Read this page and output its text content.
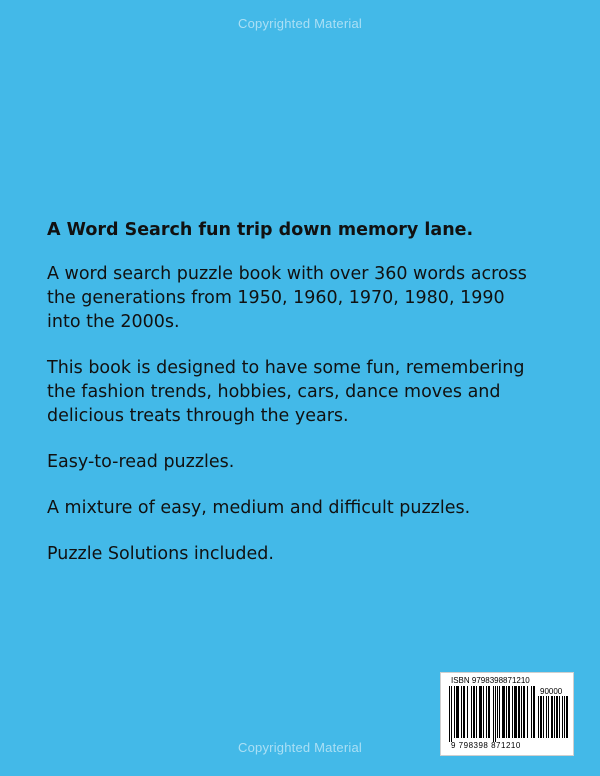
Copyrighted Material
A Word Search fun trip down memory lane.
A word search puzzle book with over 360 words across
the generations from 1950, 1960, 1970, 1980, 1990
into the 2000s.
This book is designed to have some fun, remembering
the fashion trends, hobbies, cars, dance moves and
delicious treats through the years.
Easy-to-read puzzles.
A mixture of easy, medium and difficult puzzles.
Puzzle Solutions included.
ISBN 9798398871210
90000
9 798398 871210
Copyrighted Material
